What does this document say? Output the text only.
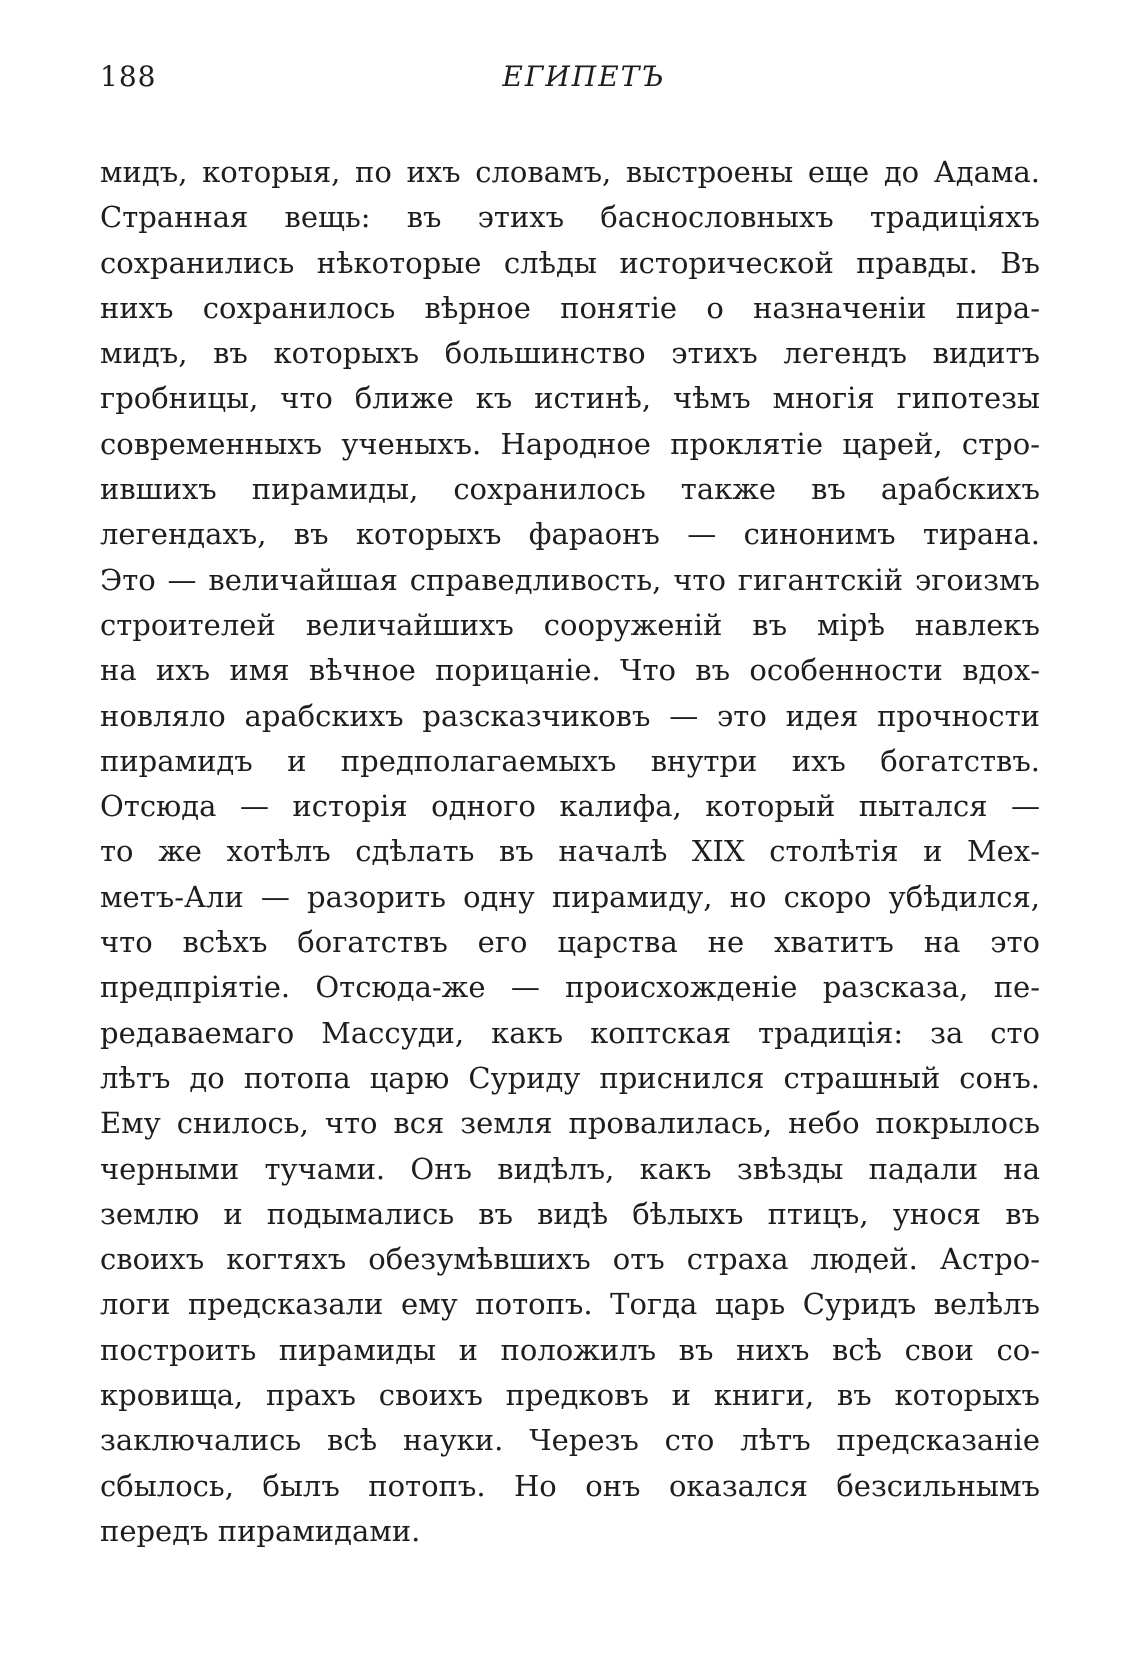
188	ЕГИПЕТЪ
мидъ, которыя, по ихъ словамъ, выстроены еще до Адама.
Странная вещь: въ этихъ баснословныхъ традицiяхъ
сохранились нѣкоторые слѣды исторической правды. Въ
нихъ сохранилось вѣрное понятiе о назначенiи пира-
мидъ, въ которыхъ большинство этихъ легендъ видитъ
гробницы, что ближе къ истинѣ, чѣмъ многiя гипотезы
современныхъ ученыхъ. Народное проклятiе царей, стро-
ившихъ пирамиды, сохранилось также въ арабскихъ
легендахъ, въ которыхъ фараонъ — синонимъ тирана.
Это — величайшая справедливость, что гигантскiй эгоизмъ
строителей величайшихъ сооруженiй въ мiрѣ навлекъ
на ихъ имя вѣчное порицанiе. Что въ особенности вдох-
новляло арабскихъ разсказчиковъ — это идея прочности
пирамидъ и предполагаемыхъ внутри ихъ богатствъ.
Отсюда — исторiя одного калифа, который пытался —
то же хотѣлъ сдѣлать въ началѣ XIX столѣтiя и Мех-
метъ-Али — разорить одну пирамиду, но скоро убѣдился,
что всѣхъ богатствъ его царства не хватитъ на это
предпрiятiе. Отсюда-же — происхожденiе разсказа, пе-
редаваемаго Массуди, какъ коптская традицiя: за сто
лѣтъ до потопа царю Суриду приснился страшный сонъ.
Ему снилось, что вся земля провалилась, небо покрылось
черными тучами. Онъ видѣлъ, какъ звѣзды падали на
землю и подымались въ видѣ бѣлыхъ птицъ, унося въ
своихъ когтяхъ обезумѣвшихъ отъ страха людей. Астро-
логи предсказали ему потопъ. Тогда царь Суридъ велѣлъ
построить пирамиды и положилъ въ нихъ всѣ свои со-
кровища, прахъ своихъ предковъ и книги, въ которыхъ
заключались всѣ науки. Черезъ сто лѣтъ предсказанiе
сбылось, былъ потопъ. Но онъ оказался безсильнымъ
передъ пирамидами.
